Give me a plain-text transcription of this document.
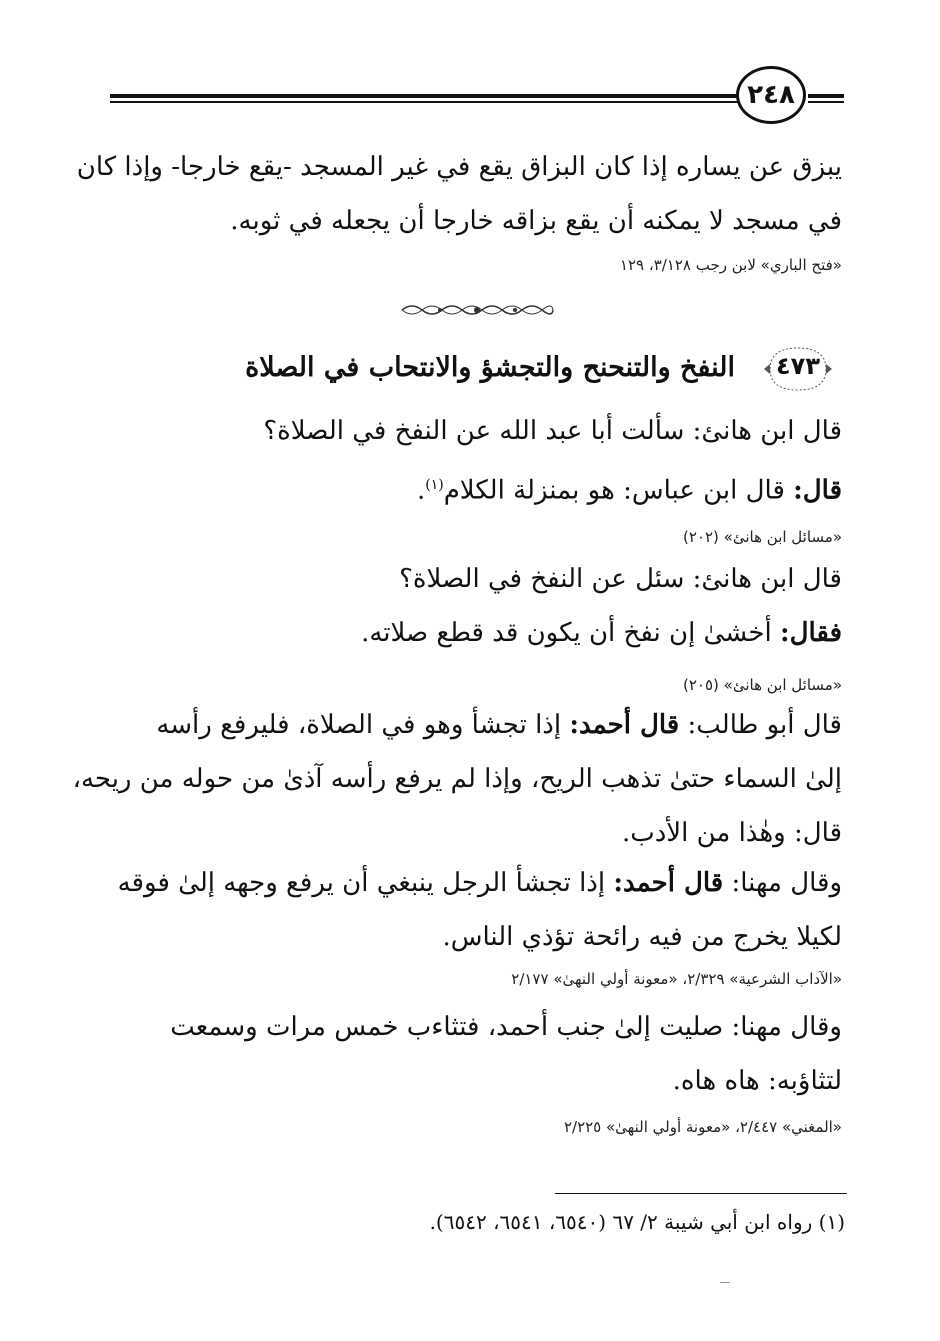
٢٤٨
يبزق عن يساره إذا كان البزاق يقع في غير المسجد -يقع خارجا- وإذا كان
في مسجد لا يمكنه أن يقع بزاقه خارجا أن يجعله في ثوبه.
«فتح الباري» لابن رجب ٣/١٢٨، ١٢٩
٤٧٣
النفخ والتنحنح والتجشؤ والانتحاب في الصلاة
قال ابن هانئ: سألت أبا عبد الله عن النفخ في الصلاة؟
قال: قال ابن عباس: هو بمنزلة الكلام$^{(١)}$.
«مسائل ابن هانئ» (٢٠٢)
قال ابن هانئ: سئل عن النفخ في الصلاة؟
فقال: أخشىٰ إن نفخ أن يكون قد قطع صلاته.
«مسائل ابن هانئ» (٢٠٥)
قال أبو طالب: قال أحمد: إذا تجشأ وهو في الصلاة، فليرفع رأسه
إلىٰ السماء حتىٰ تذهب الريح، وإذا لم يرفع رأسه آذىٰ من حوله من ريحه،
قال: وهٰذا من الأدب.
وقال مهنا: قال أحمد: إذا تجشأ الرجل ينبغي أن يرفع وجهه إلىٰ فوقه
لكيلا يخرج من فيه رائحة تؤذي الناس.
«الآداب الشرعية» ٢/٣٢٩، «معونة أولي النهىٰ» ٢/١٧٧
وقال مهنا: صليت إلىٰ جنب أحمد، فتثاءب خمس مرات وسمعت
لتثاؤبه: هاه هاه.
«المغني» ٢/٤٤٧، «معونة أولي النهىٰ» ٢/٢٢٥
(١) رواه ابن أبي شيبة ٢/ ٦٧ (٦٥٤٠، ٦٥٤١، ٦٥٤٢).
